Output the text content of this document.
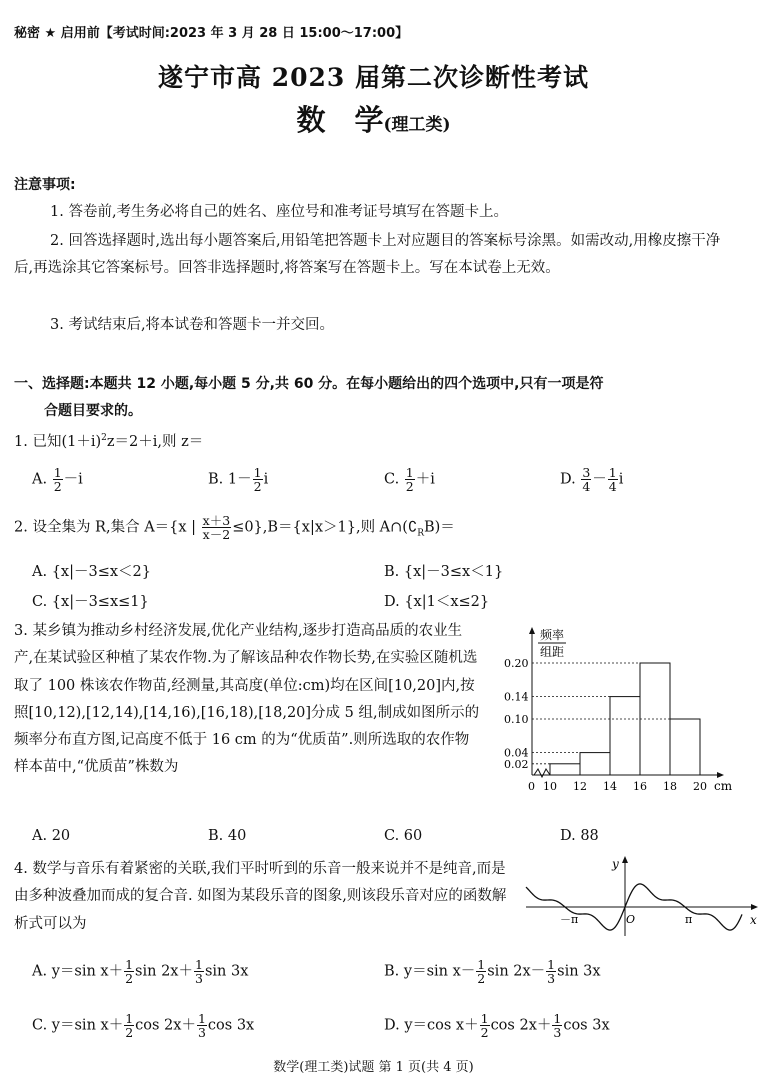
秘密 ★ 启用前【考试时间:2023 年 3 月 28 日 15:00～17:00】
遂宁市高 2023 届第二次诊断性考试
数　学(理工类)
注意事项:
1. 答卷前,考生务必将自己的姓名、座位号和准考证号填写在答题卡上。
2. 回答选择题时,选出每小题答案后,用铅笔把答题卡上对应题目的答案标号涂黑。如需改动,用橡皮擦干净后,再选涂其它答案标号。回答非选择题时,将答案写在答题卡上。写在本试卷上无效。
3. 考试结束后,将本试卷和答题卡一并交回。
一、选择题:本题共 12 小题,每小题 5 分,共 60 分。在每小题给出的四个选项中,只有一项是符
合题目要求的。
1. 已知$(1+i)^2z=2+i$,则 z＝
A. $\frac{1}{2} -i$	B. $1- \frac{1}{2}$ i	C. $\frac{1}{2} +i$	D. $\frac{3}{4} - \frac{1}{4}$ i
2. 设全集为 R,集合 A＝{x | $\frac{x+3}{x-2} \le 0\},B=\{x|x>1\}$,则 $A\cap(∁_RB)=$
A. {x|－3≤x＜2}	B. {x|－3≤x＜1}
C. {x|－3≤x≤1}	D. {x|1＜x≤2}
3. 某乡镇为推动乡村经济发展,优化产业结构,逐步打造高品质的农业生产,在某试验区种植了某农作物.为了解该品种农作物长势,在实验区随机选取了 100 株该农作物苗,经测量,其高度(单位:cm)均在区间[10,20]内,按照[10,12),[12,14),[14,16),[16,18),[18,20]分成 5 组,制成如图所示的频率分布直方图,记高度不低于 16 cm 的为“优质苗”.则所选取的农作物样本苗中,“优质苗”株数为
频率
组距
0.20
0.14
0.10
0.04
0.02
0 10 12 14 16 18 20 cm
A. 20	B. 40	C. 60	D. 88
4. 数学与音乐有着紧密的关联,我们平时听到的乐音一般来说并不是纯音,而是由多种波叠加而成的复合音. 如图为某段乐音的图象,则该段乐音对应的函数解析式可以为
y
x
－π	O	π
A. y＝sin $x+ \frac{1}{2}$ $\sin 2x+ \frac{1}{3}$ sin 3x	B. y＝sin $x- \frac{1}{2}$ $\sin 2x- \frac{1}{3}$ sin 3x
C. y＝sin $x+ \frac{1}{2}$ $\cos 2x+ \frac{1}{3}$ cos 3x	D. y＝cos $x+ \frac{1}{2}$ $\cos 2x+ \frac{1}{3}$ cos 3x
数学(理工类)试题 第 1 页(共 4 页)
